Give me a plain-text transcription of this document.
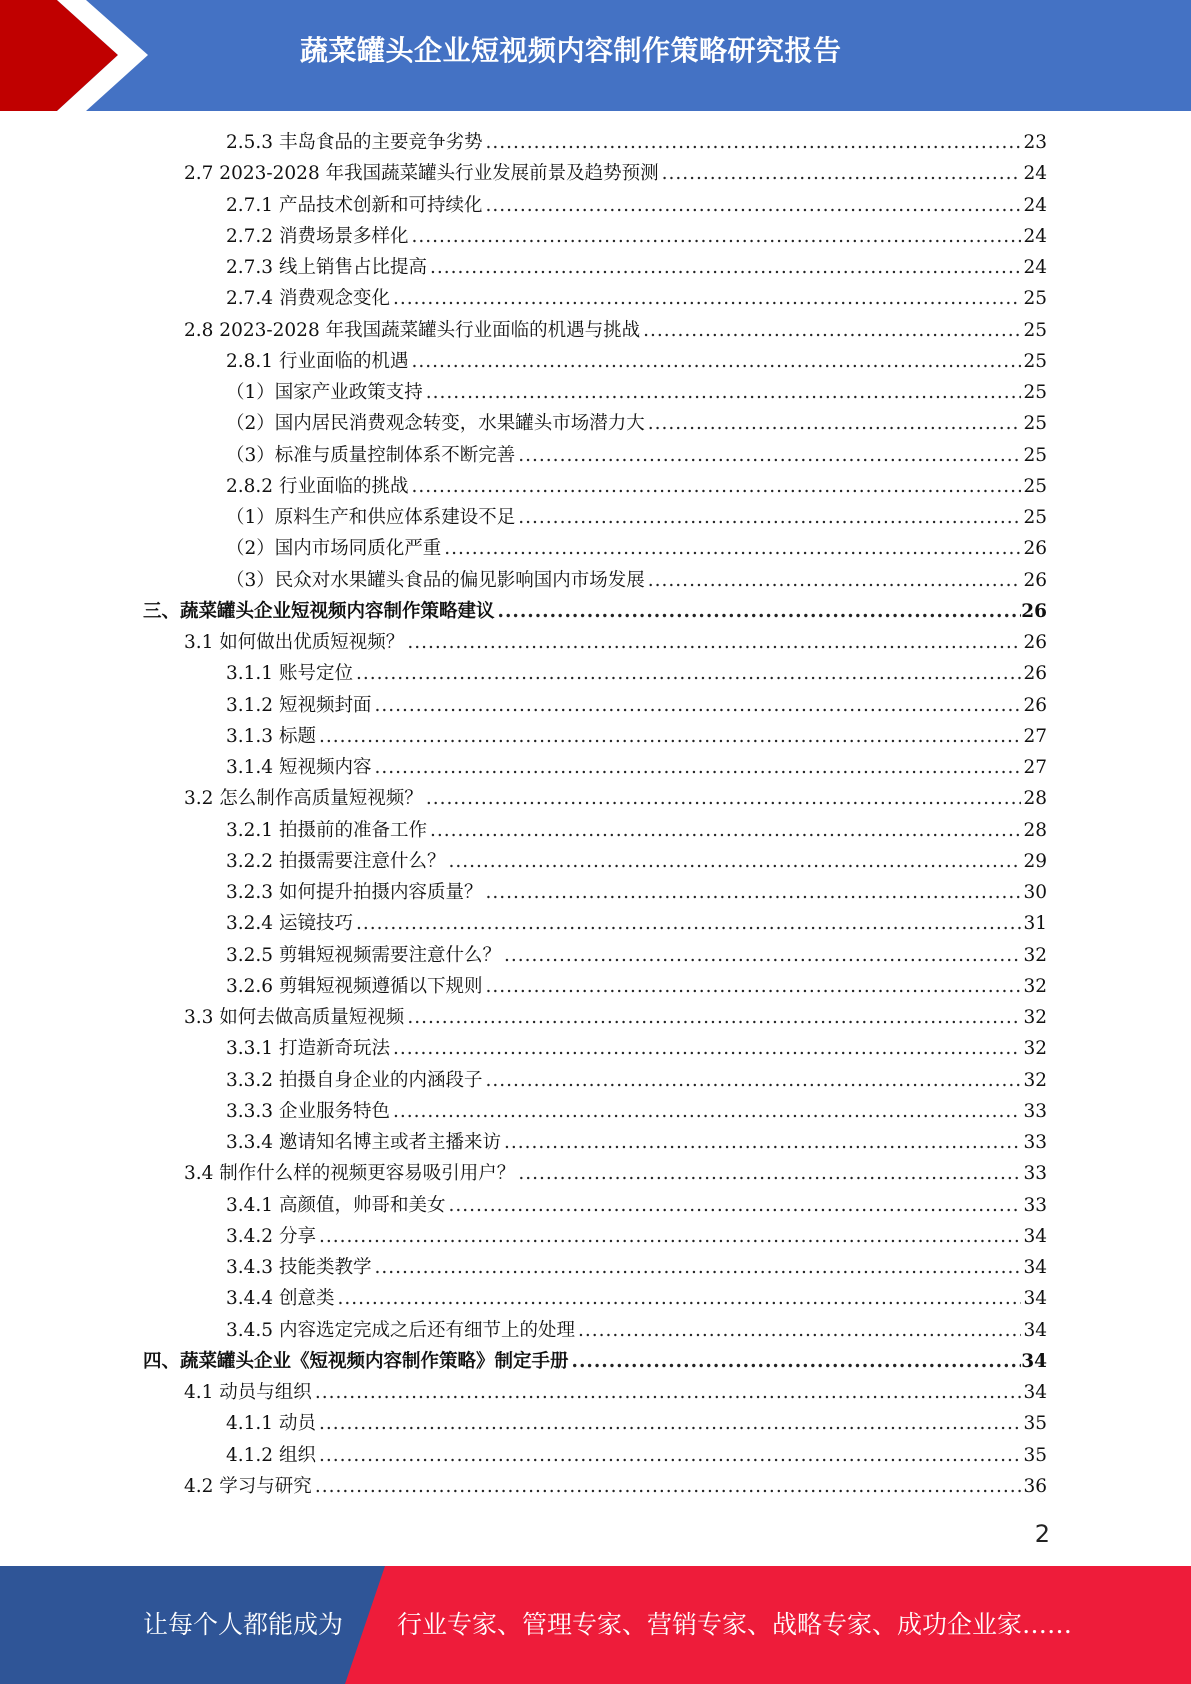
蔬菜罐头企业短视频内容制作策略研究报告
2.5.3 丰岛食品的主要竞争劣势 .....	23
2.7 2023-2028 年我国蔬菜罐头行业发展前景及趋势预测 .....	24
2.7.1 产品技术创新和可持续化 .....	24
2.7.2 消费场景多样化 .....	24
2.7.3 线上销售占比提高 .....	24
2.7.4 消费观念变化 .....	25
2.8 2023-2028 年我国蔬菜罐头行业面临的机遇与挑战 .....	25
2.8.1 行业面临的机遇 .....	25
（1）国家产业政策支持 .....	25
（2）国内居民消费观念转变，水果罐头市场潜力大 .....	25
（3）标准与质量控制体系不断完善 .....	25
2.8.2 行业面临的挑战 .....	25
（1）原料生产和供应体系建设不足 .....	25
（2）国内市场同质化严重 .....	26
（3）民众对水果罐头食品的偏见影响国内市场发展 .....	26
三、蔬菜罐头企业短视频内容制作策略建议 .....	26
3.1 如何做出优质短视频？ .....	26
3.1.1 账号定位 .....	26
3.1.2 短视频封面 .....	26
3.1.3 标题 .....	27
3.1.4 短视频内容 .....	27
3.2 怎么制作高质量短视频？ .....	28
3.2.1 拍摄前的准备工作 .....	28
3.2.2 拍摄需要注意什么？ .....	29
3.2.3 如何提升拍摄内容质量？ .....	30
3.2.4 运镜技巧 .....	31
3.2.5 剪辑短视频需要注意什么？ .....	32
3.2.6 剪辑短视频遵循以下规则 .....	32
3.3 如何去做高质量短视频 .....	32
3.3.1 打造新奇玩法 .....	32
3.3.2 拍摄自身企业的内涵段子 .....	32
3.3.3 企业服务特色 .....	33
3.3.4 邀请知名博主或者主播来访 .....	33
3.4 制作什么样的视频更容易吸引用户？ .....	33
3.4.1 高颜值，帅哥和美女 .....	33
3.4.2 分享 .....	34
3.4.3 技能类教学 .....	34
3.4.4 创意类 .....	34
3.4.5 内容选定完成之后还有细节上的处理 .....	34
四、蔬菜罐头企业《短视频内容制作策略》制定手册 .....	34
4.1 动员与组织 .....	34
4.1.1 动员 .....	35
4.1.2 组织 .....	35
4.2 学习与研究 .....	36
2
让每个人都能成为 行业专家、管理专家、营销专家、战略专家、成功企业家……
